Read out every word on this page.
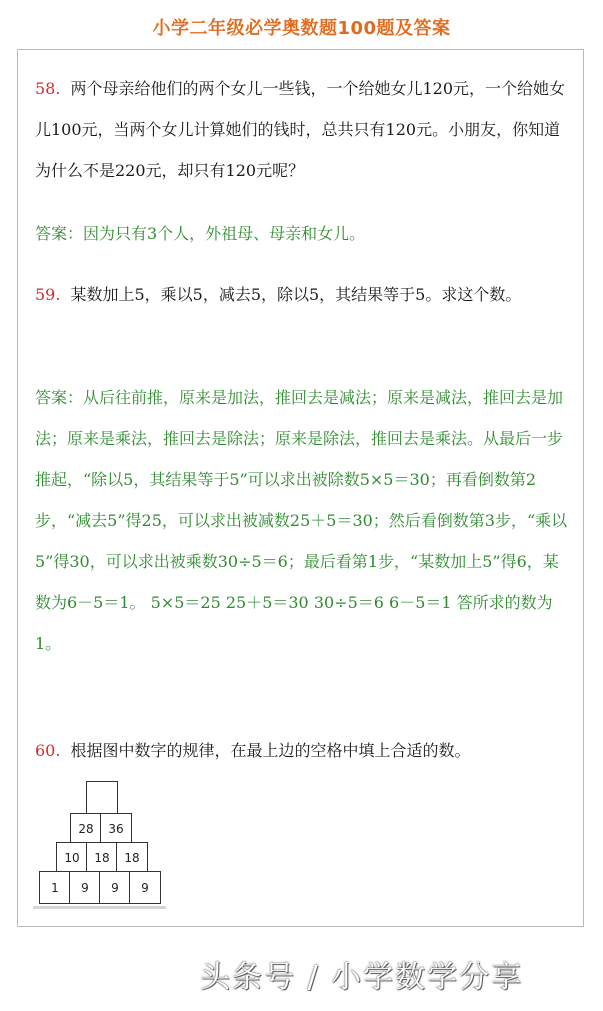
小学二年级必学奥数题100题及答案
58. 两个母亲给他们的两个女儿一些钱，一个给她女儿120元，一个给她女儿100元，当两个女儿计算她们的钱时，总共只有120元。小朋友，你知道为什么不是220元，却只有120元呢？
答案：因为只有3个人，外祖母、母亲和女儿。
59. 某数加上5，乘以5，减去5，除以5，其结果等于5。求这个数。
答案：从后往前推，原来是加法，推回去是减法；原来是减法，推回去是加法；原来是乘法，推回去是除法；原来是除法，推回去是乘法。从最后一步推起，“除以5，其结果等于5”可以求出被除数5×5＝30；再看倒数第2步，“减去5”得25，可以求出被减数25＋5＝30；然后看倒数第3步，“乘以5”得30，可以求出被乘数30÷5＝6；最后看第1步，“某数加上5”得6，某数为6－5＝1。 5×5＝25 25＋5＝30 30÷5＝6 6－5＝1 答所求的数为1。
60. 根据图中数字的规律，在最上边的空格中填上合适的数。
28	36
10	18	18
1	9	9	9
头条号 / 小学数学分享
